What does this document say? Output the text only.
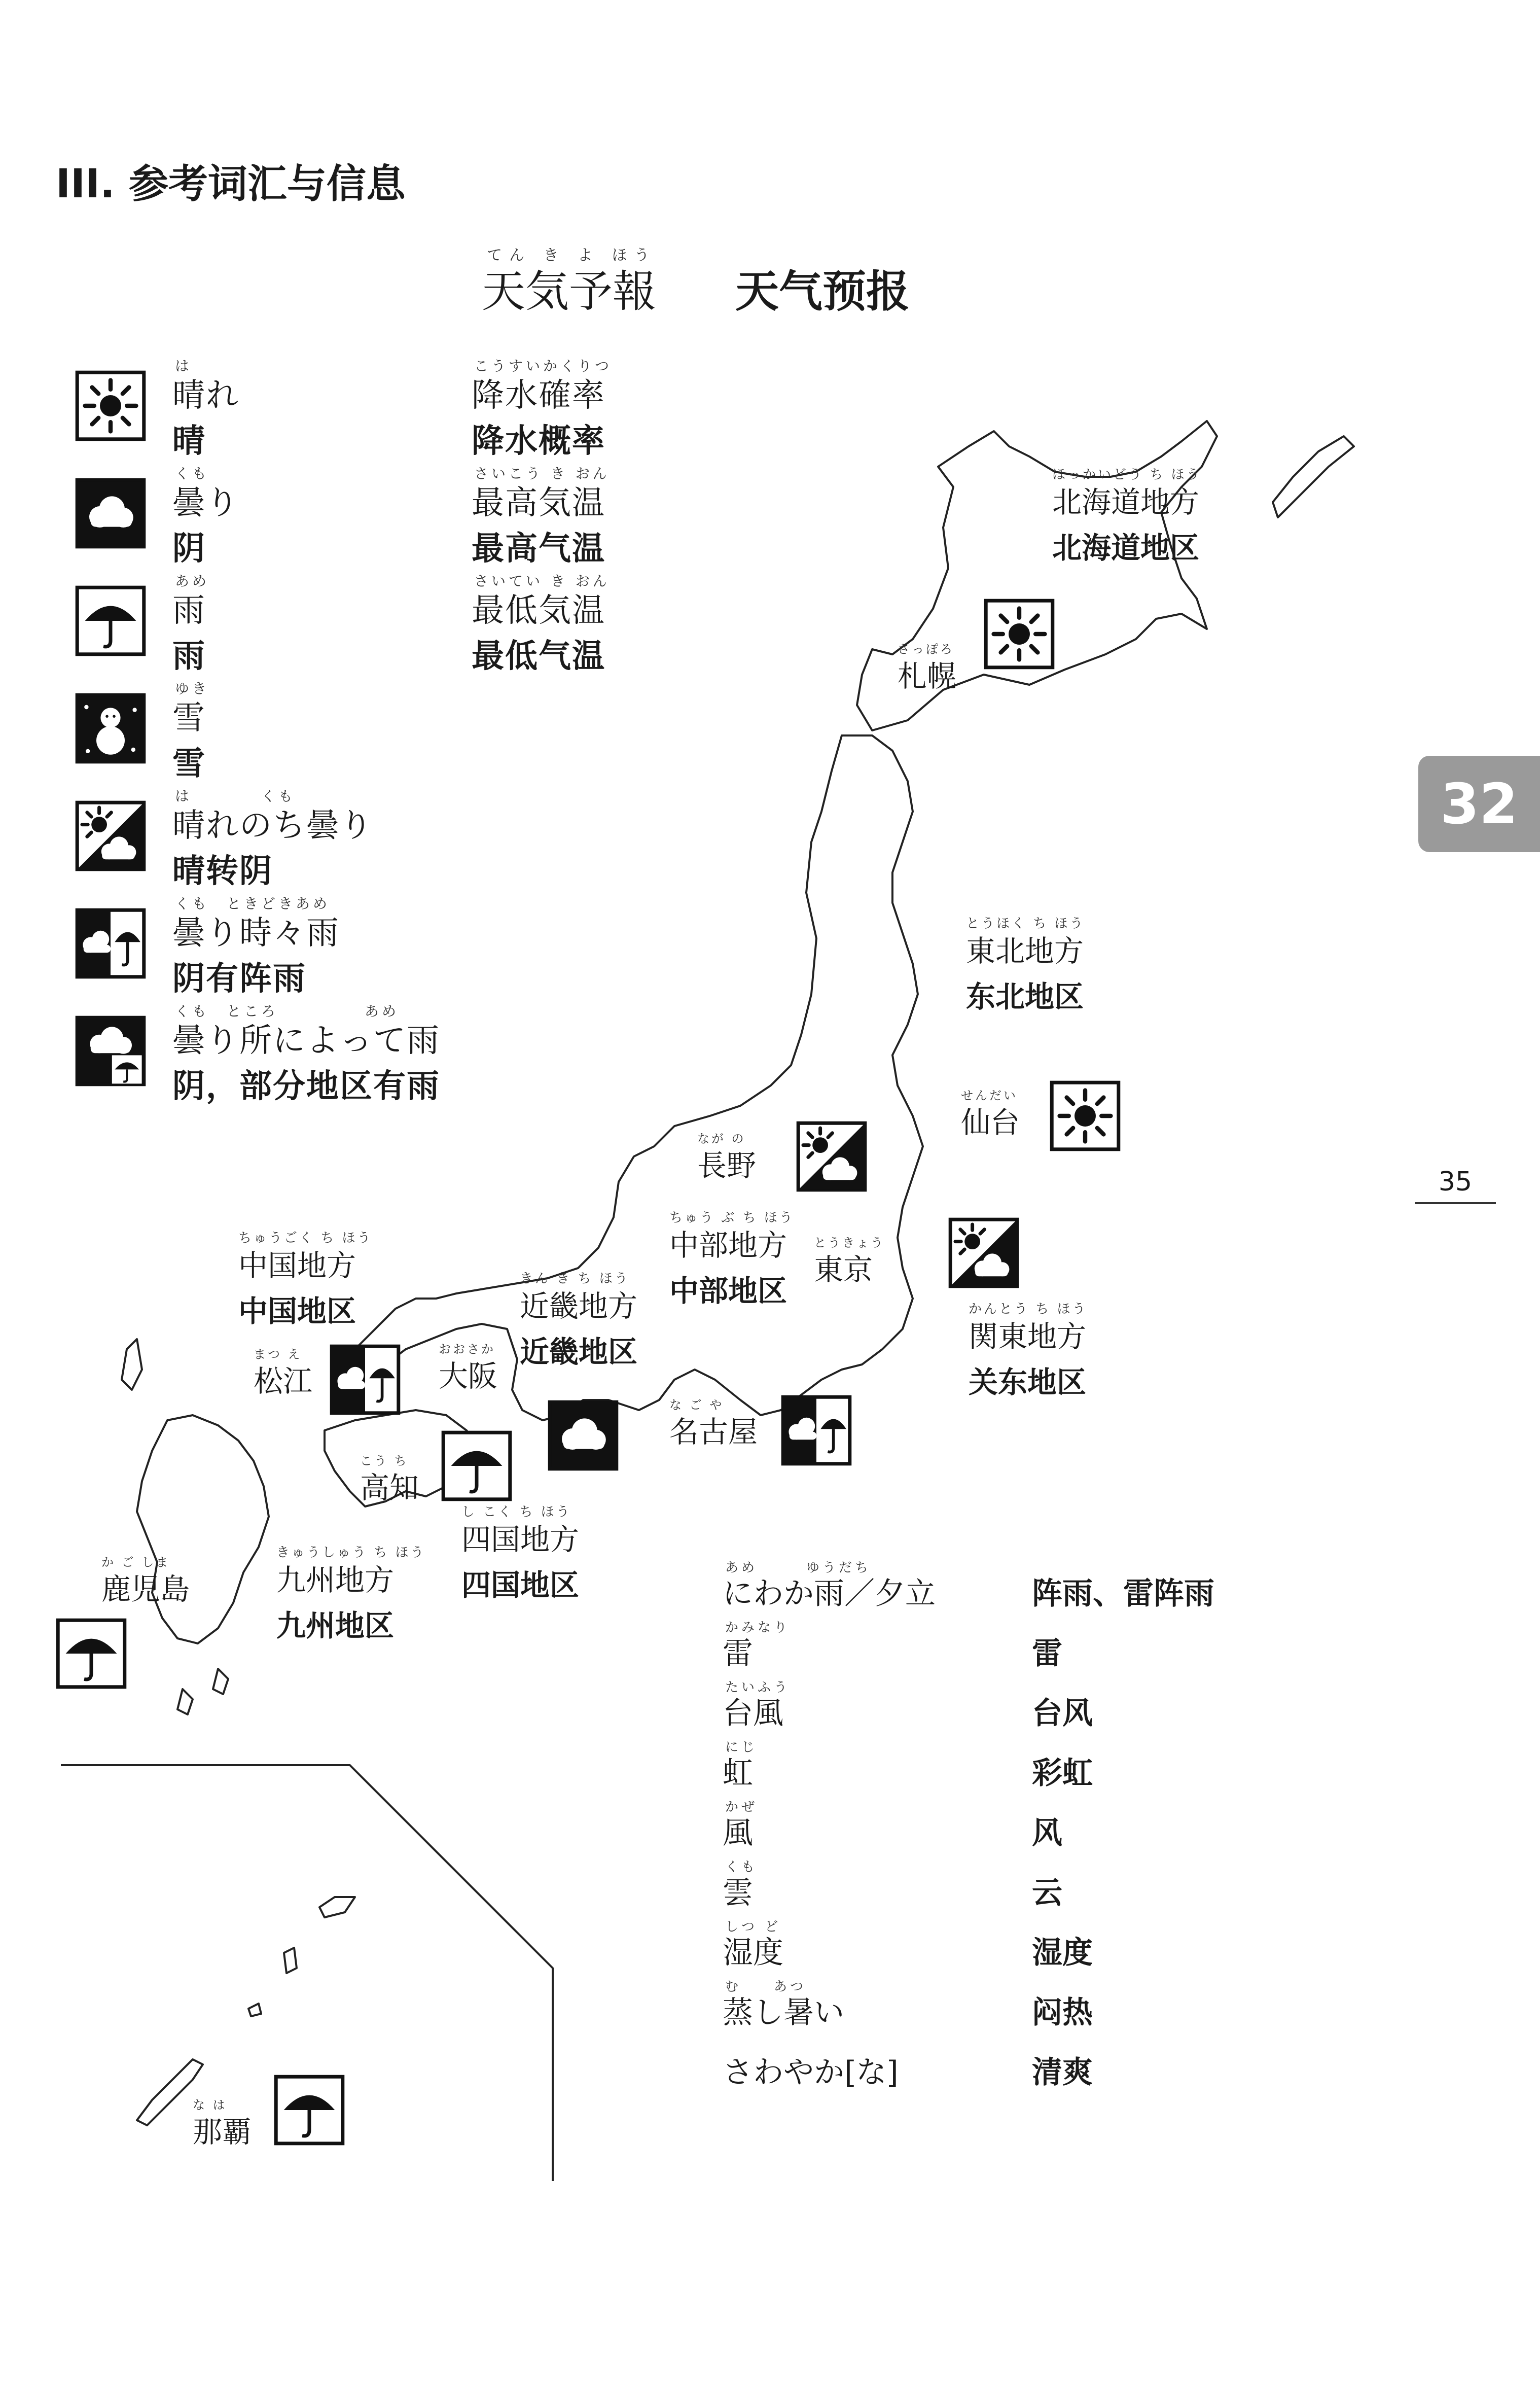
III. 参考词汇与信息
てん き よ ほう
天気予報 天气预报
は
晴れ
晴
くも
曇り
阴
あめ
雨
雨
ゆき
雪
雪
は　　　　くも
晴れのち曇り
晴转阴
くも　ときどきあめ
曇り時々雨
阴有阵雨
くも　ところ　　　　　あめ
曇り所によって雨
阴，部分地区有雨
こうすいかくりつ
降水確率
降水概率
さいこう き おん
最高気温
最高气温
さいてい き おん
最低気温
最低气温
ほっかいどう ち ほう
北海道地方
北海道地区
とうほく ち ほう
東北地方
东北地区
ちゅう ぶ ち ほう
中部地方
中部地区
かんとう ち ほう
関東地方
关东地区
ちゅうごく ち ほう
中国地方
中国地区
きん き ち ほう
近畿地方
近畿地区
し こく ち ほう
四国地方
四国地区
きゅうしゅう ち ほう
九州地方
九州地区
さっぽろ
札幌
せんだい
仙台
なが の
長野
とうきょう
東京
な ご や
名古屋
おおさか
大阪
まつ え
松江
こう ち
高知
か ご しま
鹿児島
な は
那覇
あめ　　　ゆうだち
にわか雨／夕立	阵雨、雷阵雨
かみなり
雷	雷
たいふう
台風	台风
にじ
虹	彩虹
かぜ
風	风
くも
雲	云
しつ ど
湿度	湿度
む　　あつ
蒸し暑い	闷热
さわやか[な]	清爽
32
35
